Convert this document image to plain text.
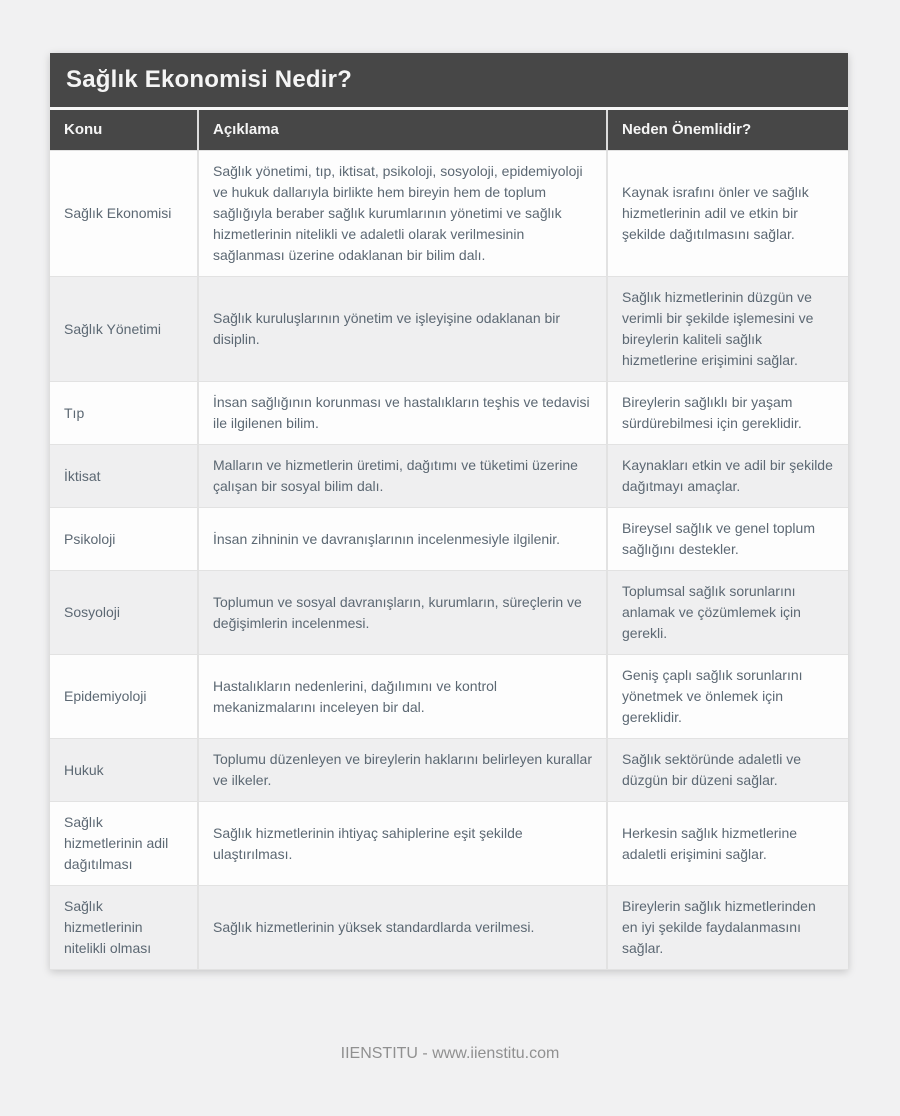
Sağlık Ekonomisi Nedir?
Konu	Açıklama	Neden Önemlidir?
Sağlık Ekonomisi	Sağlık yönetimi, tıp, iktisat, psikoloji, sosyoloji, epidemiyoloji ve hukuk dallarıyla birlikte hem bireyin hem de toplum sağlığıyla beraber sağlık kurumlarının yönetimi ve sağlık hizmetlerinin nitelikli ve adaletli olarak verilmesinin sağlanması üzerine odaklanan bir bilim dalı.	Kaynak israfını önler ve sağlık hizmetlerinin adil ve etkin bir şekilde dağıtılmasını sağlar.
Sağlık Yönetimi	Sağlık kuruluşlarının yönetim ve işleyişine odaklanan bir disiplin.	Sağlık hizmetlerinin düzgün ve verimli bir şekilde işlemesini ve bireylerin kaliteli sağlık hizmetlerine erişimini sağlar.
Tıp	İnsan sağlığının korunması ve hastalıkların teşhis ve tedavisi ile ilgilenen bilim.	Bireylerin sağlıklı bir yaşam sürdürebilmesi için gereklidir.
İktisat	Malların ve hizmetlerin üretimi, dağıtımı ve tüketimi üzerine çalışan bir sosyal bilim dalı.	Kaynakları etkin ve adil bir şekilde dağıtmayı amaçlar.
Psikoloji	İnsan zihninin ve davranışlarının incelenmesiyle ilgilenir.	Bireysel sağlık ve genel toplum sağlığını destekler.
Sosyoloji	Toplumun ve sosyal davranışların, kurumların, süreçlerin ve değişimlerin incelenmesi.	Toplumsal sağlık sorunlarını anlamak ve çözümlemek için gerekli.
Epidemiyoloji	Hastalıkların nedenlerini, dağılımını ve kontrol mekanizmalarını inceleyen bir dal.	Geniş çaplı sağlık sorunlarını yönetmek ve önlemek için gereklidir.
Hukuk	Toplumu düzenleyen ve bireylerin haklarını belirleyen kurallar ve ilkeler.	Sağlık sektöründe adaletli ve düzgün bir düzeni sağlar.
Sağlık hizmetlerinin adil dağıtılması	Sağlık hizmetlerinin ihtiyaç sahiplerine eşit şekilde ulaştırılması.	Herkesin sağlık hizmetlerine adaletli erişimini sağlar.
Sağlık hizmetlerinin nitelikli olması	Sağlık hizmetlerinin yüksek standardlarda verilmesi.	Bireylerin sağlık hizmetlerinden en iyi şekilde faydalanmasını sağlar.
IIENSTITU - www.iienstitu.com
